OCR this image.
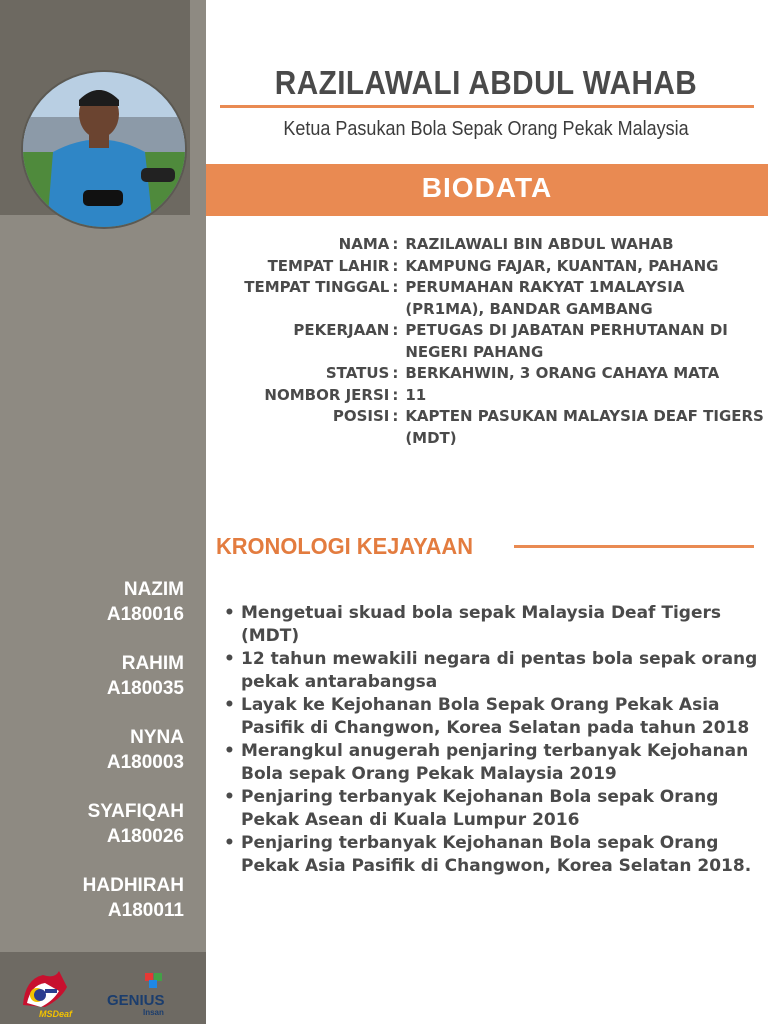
NAZIM
A180016
RAHIM
A180035
NYNA
A180003
SYAFIQAH
A180026
HADHIRAH
A180011
MSDeaf
GENIUS
Insan
RAZILAWALI ABDUL WAHAB
Ketua Pasukan Bola Sepak Orang Pekak Malaysia
BIODATA
NAMA : RAZILAWALI BIN ABDUL WAHAB
TEMPAT LAHIR : KAMPUNG FAJAR, KUANTAN, PAHANG
TEMPAT TINGGAL : PERUMAHAN RAKYAT 1MALAYSIA (PR1MA), BANDAR GAMBANG
PEKERJAAN : PETUGAS DI JABATAN PERHUTANAN DI NEGERI PAHANG
STATUS : BERKAHWIN, 3 ORANG CAHAYA MATA
NOMBOR JERSI : 11
POSISI : KAPTEN PASUKAN MALAYSIA DEAF TIGERS (MDT)
KRONOLOGI KEJAYAAN
• Mengetuai skuad bola sepak Malaysia Deaf Tigers (MDT)
• 12 tahun mewakili negara di pentas bola sepak orang pekak antarabangsa
• Layak ke Kejohanan Bola Sepak Orang Pekak Asia Pasifik di Changwon, Korea Selatan pada tahun 2018
• Merangkul anugerah penjaring terbanyak Kejohanan Bola sepak Orang Pekak Malaysia 2019
• Penjaring terbanyak Kejohanan Bola sepak Orang Pekak Asean di Kuala Lumpur 2016
• Penjaring terbanyak Kejohanan Bola sepak Orang Pekak Asia Pasifik di Changwon, Korea Selatan 2018.
